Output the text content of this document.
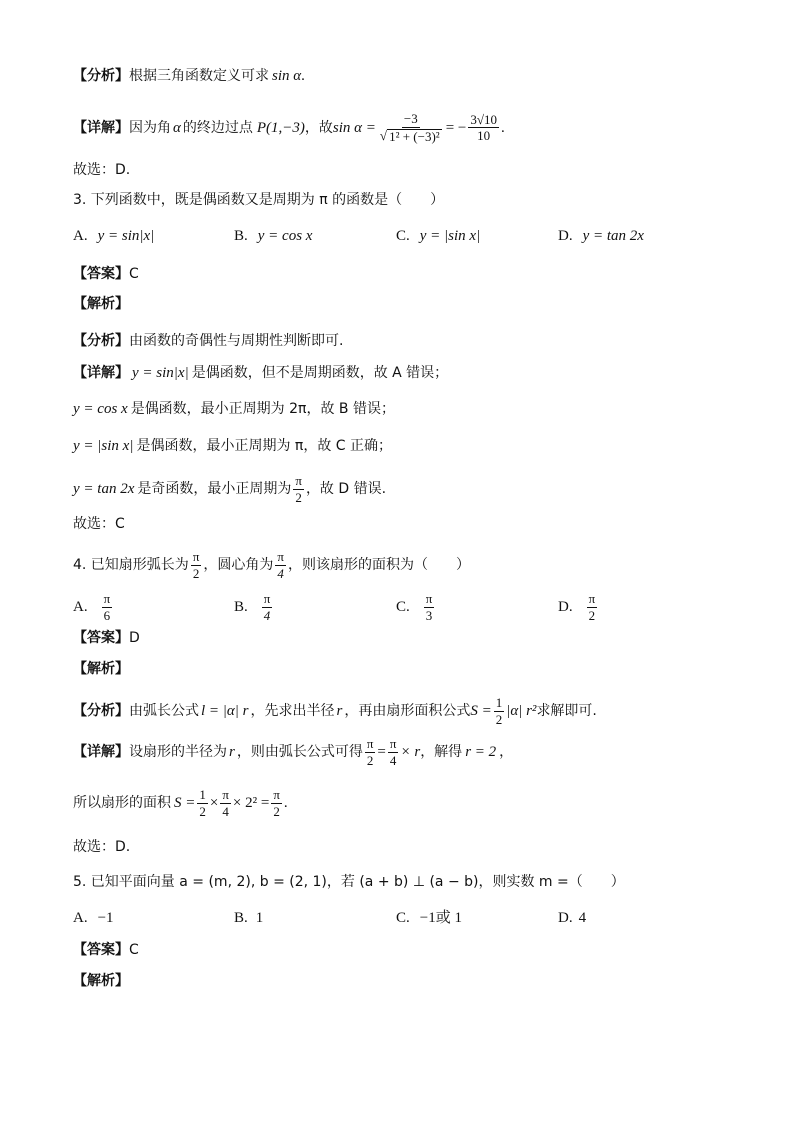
【分析】 根据三角函数定义可求 sin α .
【详解】 因为角 α 的终边过点 P(1,−3) ，故 $\sin \alpha = \frac{-3}{\text{√ 1² + (−3)²}}$ = − $\frac{3√10}{10}$ .
故选：D.
3. 下列函数中，既是偶函数又是周期为 π 的函数是（　　）
A. y = sin|x|	B. y = cos x	C. y = |sin x|	D. y = tan 2x
【答案】 C
【解析】
【分析】 由函数的奇偶性与周期性判断即可.
【详解】 y = sin|x| 是偶函数，但不是周期函数，故 A 错误；
y = cos x 是偶函数，最小正周期为 2π，故 B 错误；
y = |sin x| 是偶函数，最小正周期为 π，故 C 正确；
y = tan 2x 是奇函数，最小正周期为 $\frac{\pi}{2}$ ，故 D 错误.
故选：C
4. 已知扇形弧长为 $\frac{\pi}{2}$ ，圆心角为 $\frac{\pi}{4}$ ，则该扇形的面积为（　　）
A. $\frac{\pi}{6}$	B. $\frac{\pi}{4}$	C. $\frac{\pi}{3}$	D. $\frac{\pi}{2}$
【答案】 D
【解析】
【分析】 由弧长公式 l = |α| r ，先求出半径 r ，再由扇形面积公式 $S = \frac{1}{2} |\alpha|$ r² 求解即可.
【详解】 设扇形的半径为 r ，则由弧长公式可得 $\frac{\pi}{2} = \frac{\pi}{4} \times r$ ，解得 r = 2 ，
所以扇形的面积 $S = \frac{1}{2} \times \frac{\pi}{4} \times 2^2 = \frac{\pi}{2}$ .
故选：D.
5. 已知平面向量 a = (m, 2), b = (2, 1)，若 (a + b) ⊥ (a − b)，则实数 m =（　　）
A. −1	B. 1	C. −1或 1	D. 4
【答案】 C
【解析】
